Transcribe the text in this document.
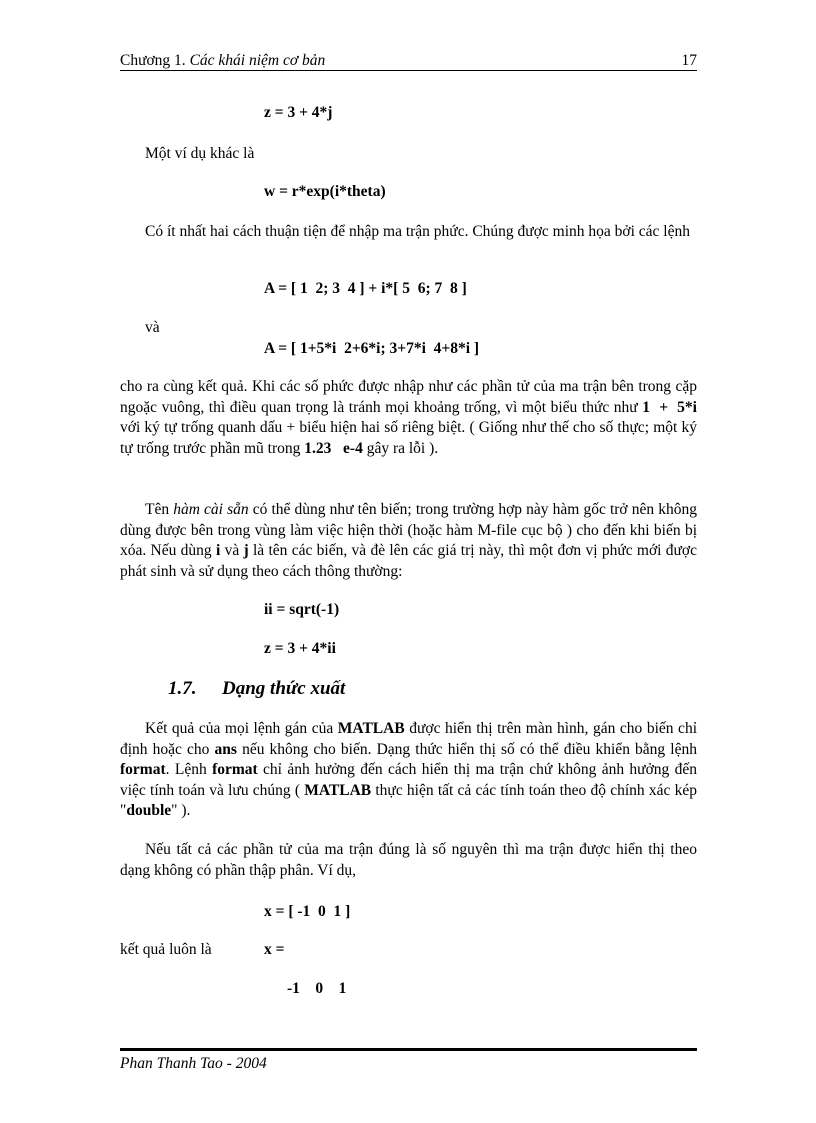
Chương 1. Các khái niệm cơ bản	17
z = 3 + 4*j
Một ví dụ khác là
w = r*exp(i*theta)
Có ít nhất hai cách thuận tiện để nhập ma trận phức. Chúng được minh họa bởi các lệnh
A = [ 1  2; 3  4 ] + i*[ 5  6; 7  8 ]
và
A = [ 1+5*i  2+6*i; 3+7*i  4+8*i ]
cho ra cùng kết quả. Khi các số phức được nhập như các phần tử của ma trận bên trong cặp ngoặc vuông, thì điều quan trọng là tránh mọi khoảng trống, vì một biểu thức như 1  +  5*i với ký tự trống quanh dấu + biểu hiện hai số riêng biệt. ( Giống như thế cho số thực; một ký tự trống trước phần mũ trong 1.23   e-4 gây ra lỗi ).
Tên hàm cài sẵn có thể dùng như tên biến; trong trường hợp này hàm gốc trở nên không dùng được bên trong vùng làm việc hiện thời (hoặc hàm M-file cục bộ ) cho đến khi biến bị xóa. Nếu dùng i và j là tên các biến, và đè lên các giá trị này, thì một đơn vị phức mới được phát sinh và sử dụng theo cách thông thường:
ii = sqrt(-1)
z = 3 + 4*ii
1.7. Dạng thức xuất
Kết quả của mọi lệnh gán của MATLAB được hiển thị trên màn hình, gán cho biến chỉ định hoặc cho ans nếu không cho biến. Dạng thức hiển thị số có thể điều khiển bằng lệnh format. Lệnh format chỉ ảnh hưởng đến cách hiển thị ma trận chứ không ảnh hưởng đến việc tính toán và lưu chúng ( MATLAB thực hiện tất cả các tính toán theo độ chính xác kép "double" ).
Nếu tất cả các phần tử của ma trận đúng là số nguyên thì ma trận được hiển thị theo dạng không có phần thập phân. Ví dụ,
x = [ -1  0  1 ]
kết quả luôn là	x =
-1    0    1
Phan Thanh Tao - 2004
